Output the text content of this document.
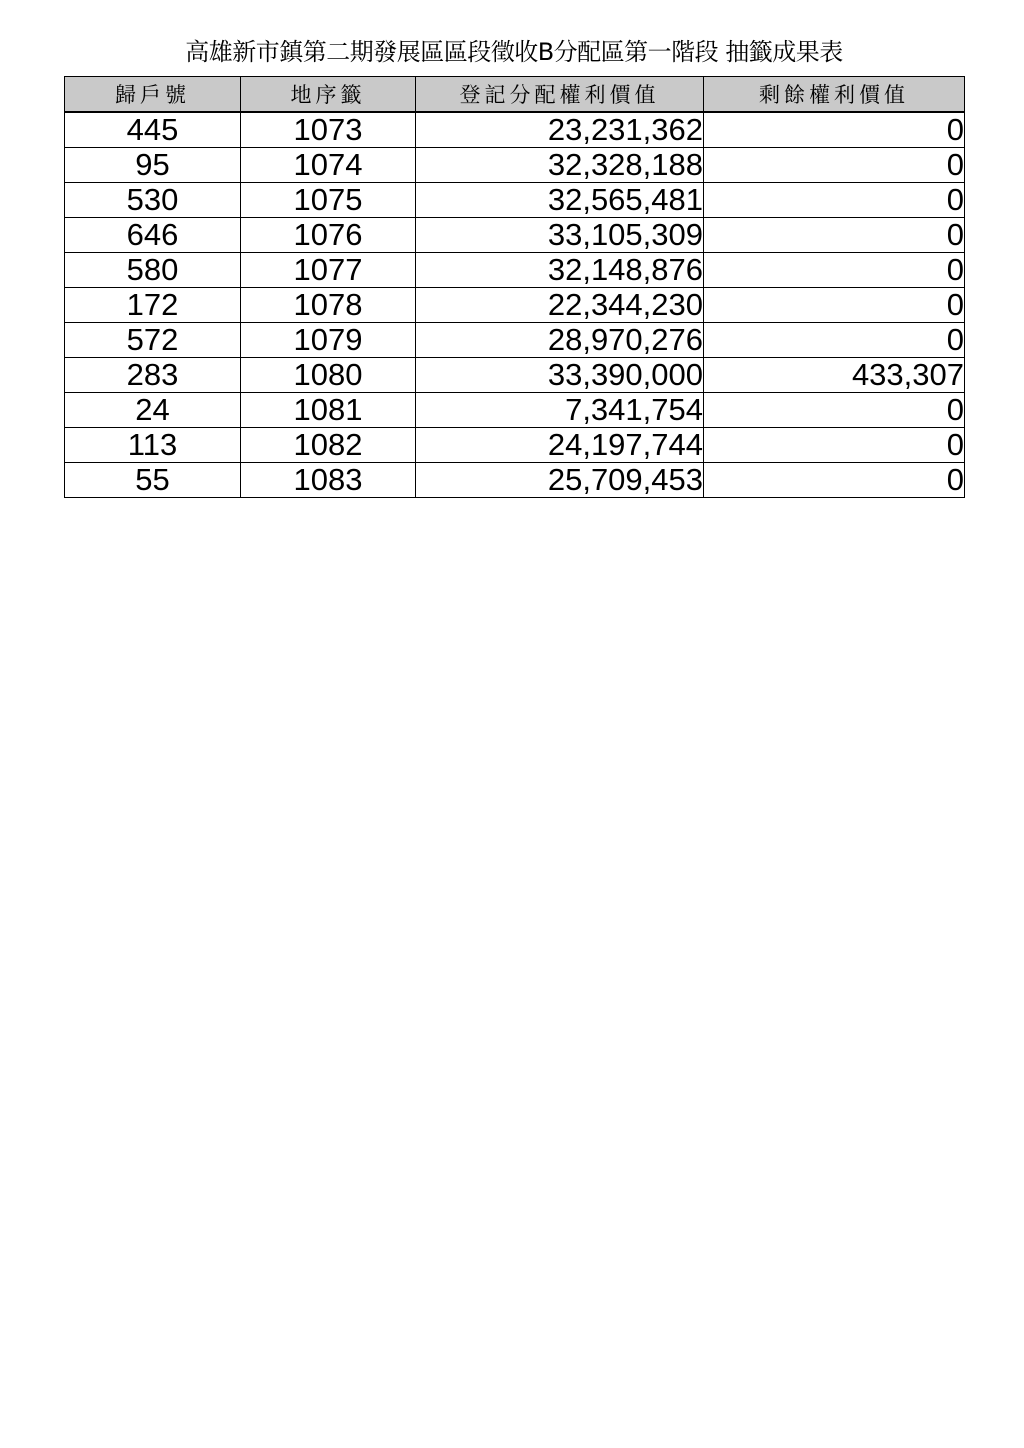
高雄新市鎮第二期發展區區段徵收B分配區第一階段 抽籤成果表
歸戶號	地序籤	登記分配權利價值	剩餘權利價值
445	1073	23,231,362	0
95	1074	32,328,188	0
530	1075	32,565,481	0
646	1076	33,105,309	0
580	1077	32,148,876	0
172	1078	22,344,230	0
572	1079	28,970,276	0
283	1080	33,390,000	433,307
24	1081	7,341,754	0
113	1082	24,197,744	0
55	1083	25,709,453	0
